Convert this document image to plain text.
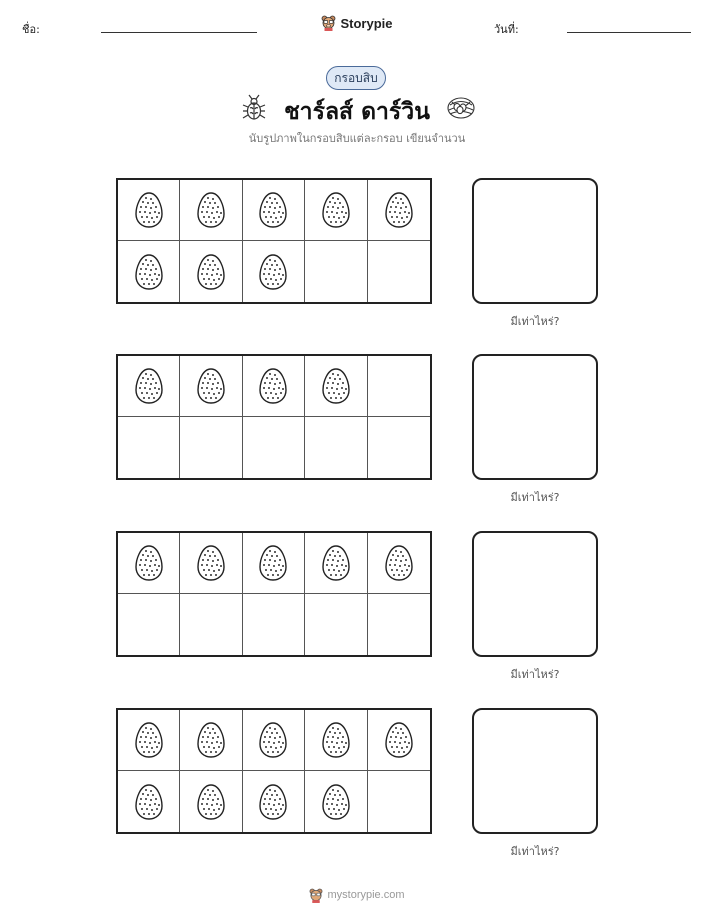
ชื่อ:	Storypie	วันที่:
กรอบสิบ
ชาร์ลส์ ดาร์วิน
นับรูปภาพในกรอบสิบแต่ละกรอบ เขียนจำนวน
มีเท่าไหร่?
มีเท่าไหร่?
มีเท่าไหร่?
มีเท่าไหร่?
mystorypie.com
